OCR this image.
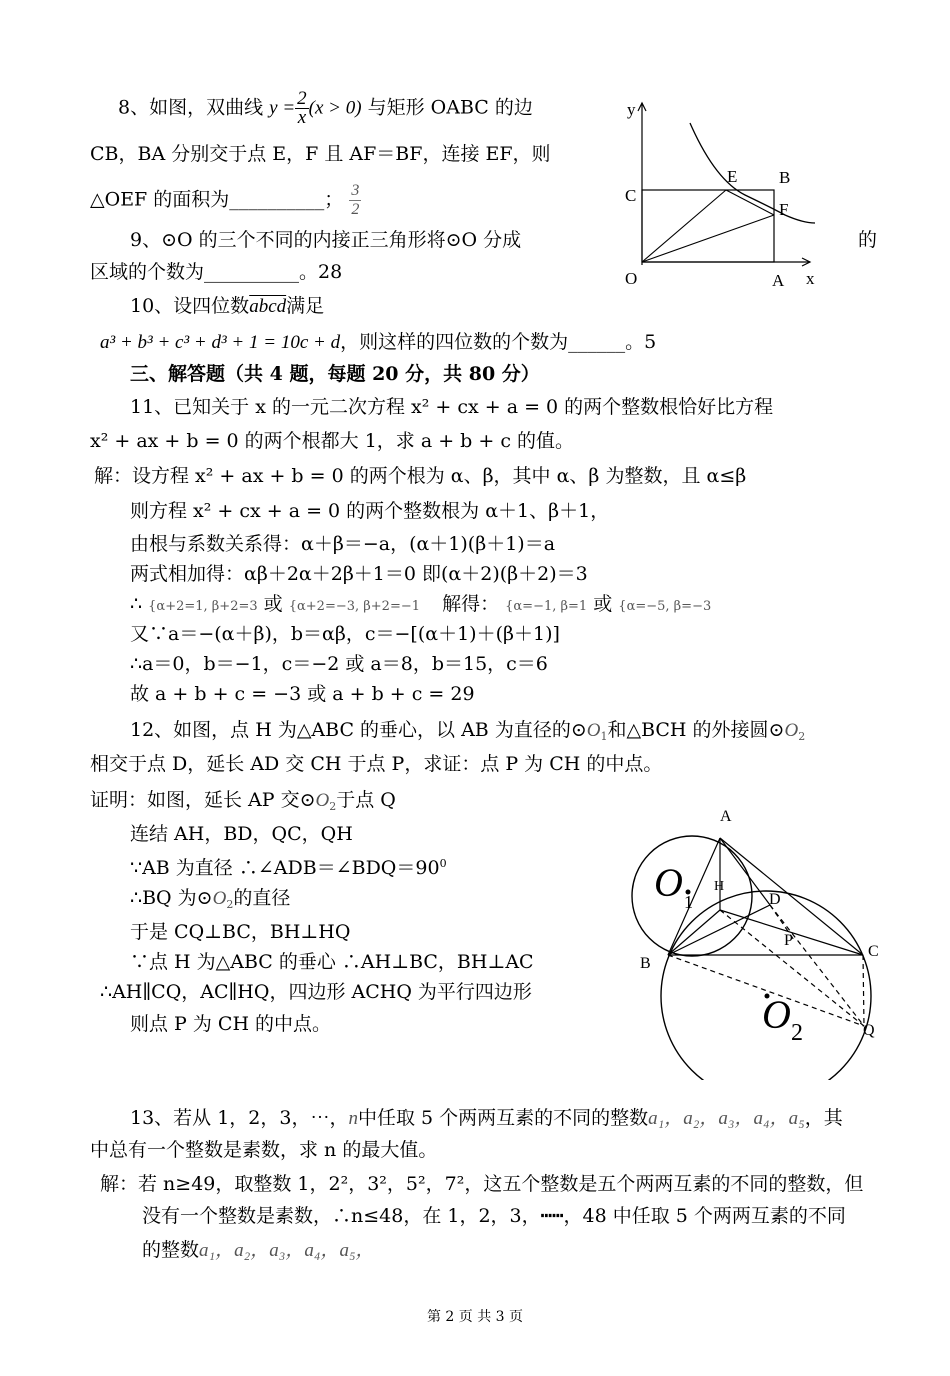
8、如图，双曲线 $y = \frac{2}{x} (x > 0)$ 与矩形 OABC 的边
CB，BA 分别交于点 E，F 且 AF＝BF，连接 EF，则
△OEF 的面积为__________； $\frac{3}{2}$
y
x
O	A
B
C
E
F
9、⊙O 的三个不同的内接正三角形将⊙O 分成	的
区域的个数为__________。28
10、设四位数abcd满足
a³ + b³ + c³ + d³ + 1 = 10c + d，则这样的四位数的个数为______。5
三、解答题（共 4 题，每题 20 分，共 80 分）
11、已知关于 x 的一元二次方程 x² + cx + a = 0 的两个整数根恰好比方程
x² + ax + b = 0 的两个根都大 1，求 a + b + c 的值。
解：设方程 x² + ax + b = 0 的两个根为 α、β，其中 α、β 为整数，且 α≤β
则方程 x² + cx + a = 0 的两个整数根为 α＋1、β＋1，
由根与系数关系得：α＋β＝−a，(α＋1)(β＋1)＝a
两式相加得：αβ＋2α＋2β＋1＝0 即(α＋2)(β＋2)＝3
∴ {α+2=1, β+2=3 或 {α+2=−3, β+2=−1 解得： {α=−1, β=1 或 {α=−5, β=−3
又∵a＝−(α＋β)，b＝αβ，c＝−[(α＋1)＋(β＋1)]
∴a＝0，b＝−1，c＝−2 或 a＝8，b＝15，c＝6
故 a + b + c = −3 或 a + b + c = 29
12、如图，点 H 为△ABC 的垂心，以 AB 为直径的$⊙O_1$和△BCH 的外接圆$⊙O_2$
相交于点 D，延长 AD 交 CH 于点 P，求证：点 P 为 CH 的中点。
证明：如图，延长 AP 交$⊙O_2$于点 Q
连结 AH，BD，QC，QH
∵AB 为直径 $\therefore\angle ADB=\angle BDQ=90^0$
∴BQ 为$⊙O_2$的直径
于是 CQ⊥BC，BH⊥HQ
∵点 H 为△ABC 的垂心 ∴AH⊥BC，BH⊥AC
∴AH∥CQ，AC∥HQ，四边形 ACHQ 为平行四边形
则点 P 为 CH 的中点。
A
B
C
D
H
P
Q
O 1
O 2
13、若从 1，2，3，⋯，n中任取 5 个两两互素的不同的整数a₁，a₂，a₃，a₄，a₅，其
中总有一个整数是素数，求 n 的最大值。
解：若 n≥49，取整数 1，2²，3²，5²，7²，这五个整数是五个两两互素的不同的整数，但
没有一个整数是素数，∴n≤48，在 1，2，3，┅┅，48 中任取 5 个两两互素的不同
的整数a₁，a₂，a₃，a₄，a₅，
第 2 页 共 3 页
